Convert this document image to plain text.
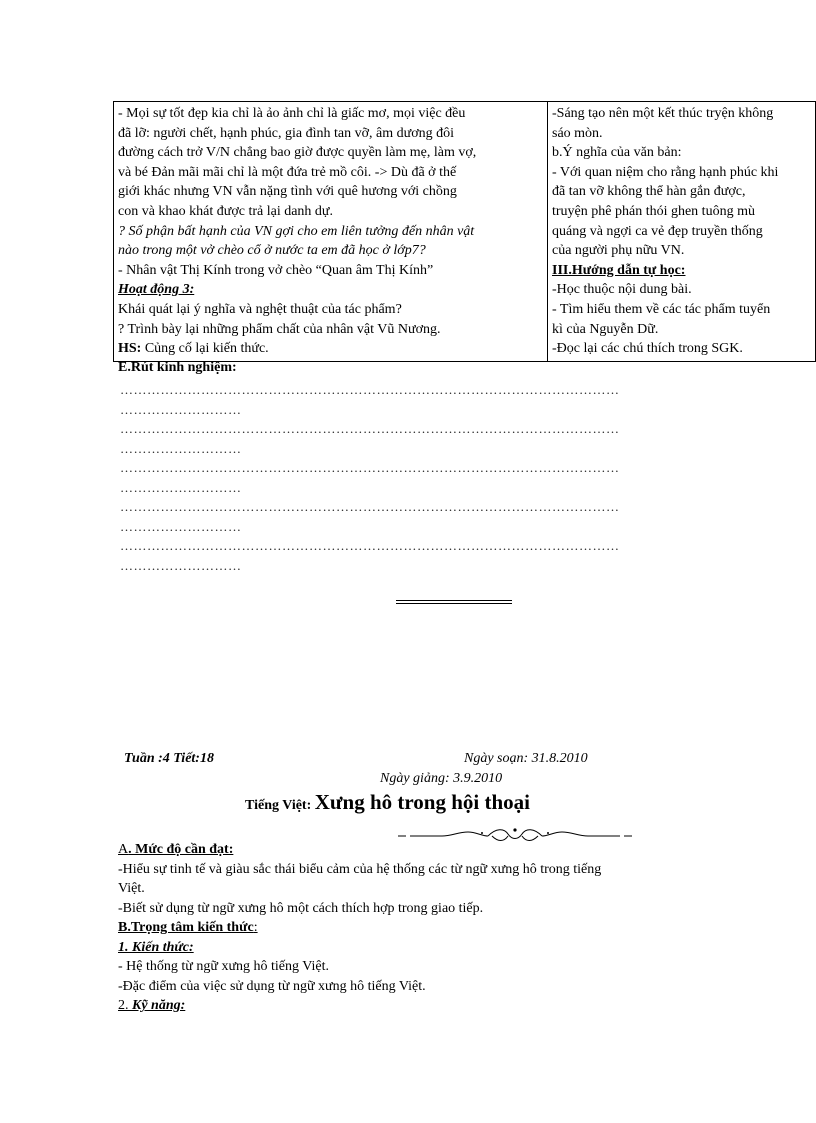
- Mọi sự tốt đẹp kia chỉ là ảo ảnh chỉ là giấc mơ, mọi việc đều
đã lỡ: người chết, hạnh phúc, gia đình tan vỡ, âm dương đôi
đường cách trở V/N chẳng bao giờ được quyền làm mẹ, làm vợ,
và bé Đản mãi mãi chỉ là một đứa trẻ mồ côi. -> Dù đã ở thế
giới khác nhưng VN vẫn nặng tình với quê hương với chồng
con và khao khát được trả lại danh dự.
? Số phận bất hạnh của VN gợi cho em liên tưởng đến nhân vật
nào trong một vở chèo cổ ở nước ta em đã học ở lớp7?
- Nhân vật Thị Kính trong vở chèo “Quan âm Thị Kính”
Hoạt động 3:
Khái quát lại ý nghĩa và nghệt thuật của tác phẩm?
? Trình bày lại những phẩm chất của nhân vật Vũ Nương.
HS: Củng cố lại kiến thức.

-Sáng tạo nên một kết thúc tryện không
sáo mòn.
b.Ý nghĩa của văn bản:
- Với quan niệm cho rằng hạnh phúc khi
đã tan vỡ không thể hàn gắn được,
truyện phê phán thói ghen tuông mù
quáng và ngợi ca vẻ đẹp truyền thống
của người phụ nữu VN.
III.Hướng dẫn tự học:
-Học thuộc nội dung bài.
- Tìm hiểu them về các tác phẩm tuyển
kì của Nguyễn Dữ.
-Đọc lại các chú thích trong SGK.
E.Rút kinh nghiệm:
…………………………………………………………………………………………………
………………………
…………………………………………………………………………………………………
………………………
…………………………………………………………………………………………………
………………………
…………………………………………………………………………………………………
………………………
…………………………………………………………………………………………………
………………………
Tuần :4 Tiết:18	Ngày soạn: 31.8.2010
Ngày giảng: 3.9.2010
Tiếng Việt: Xưng hô trong hội thoại
A. Mức độ cần đạt:
-Hiểu sự tinh tế và giàu sắc thái biểu cảm của hệ thống các từ ngữ xưng hô trong tiếng
Việt.
-Biết sử dụng từ ngữ xưng hô một cách thích hợp trong giao tiếp.
B.Trọng tâm kiến thức:
1. Kiến thức:
- Hệ thống từ ngữ xưng hô tiếng Việt.
-Đặc điểm của việc sử dụng từ ngữ xưng hô tiếng Việt.
2. Kỹ năng:
